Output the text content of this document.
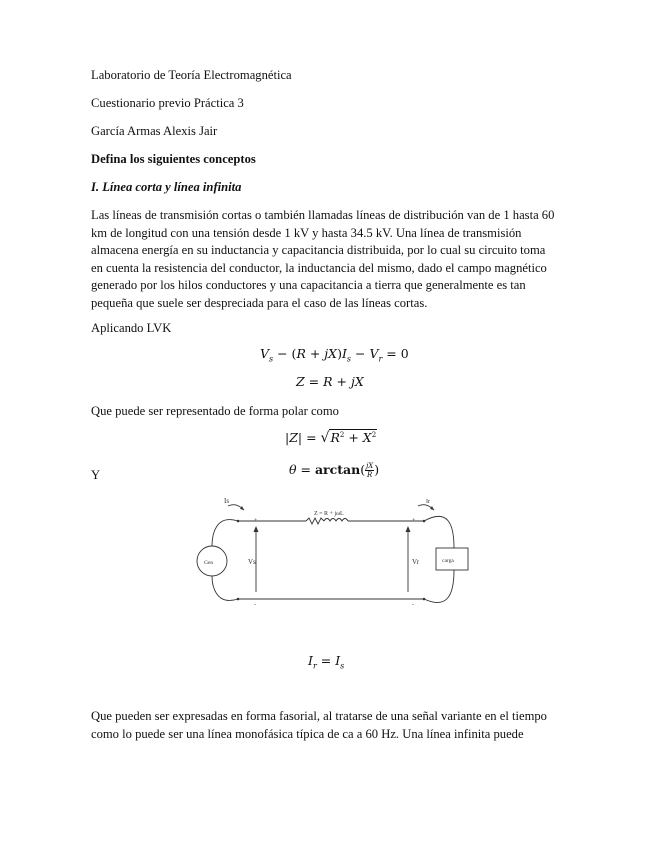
Laboratorio de Teoría Electromagnética
Cuestionario previo Práctica 3
García Armas Alexis Jair
Defina los siguientes conceptos
I. Línea corta y línea infinita
Las líneas de transmisión cortas o también llamadas líneas de distribución van de 1 hasta 60
km de longitud con una tensión desde 1 kV y hasta 34.5 kV. Una línea de transmisión
almacena energía en su inductancia y capacitancia distribuida, por lo cual su circuito toma
en cuenta la resistencia del conductor, la inductancia del mismo, dado el campo magnético
generado por los hilos conductores y una capacitancia a tierra que generalmente es tan
pequeña que suele ser despreciada para el caso de las líneas cortas.
Aplicando LVK
$V_s - (R + jX)I_s - V_r = 0$
Z = R + jX
Que puede ser representado de forma polar como
$|Z| = √R^2 + X^2$
Y	$\theta = \arctan( \frac{jX}{R}$ )
+	+
-	-
Is	Ir
Z = R + jωL
Gen	Vs	Vr	carga
$I_r = I_s$
Que pueden ser expresadas en forma fasorial, al tratarse de una señal variante en el tiempo
como lo puede ser una línea monofásica típica de ca a 60 Hz. Una línea infinita puede
